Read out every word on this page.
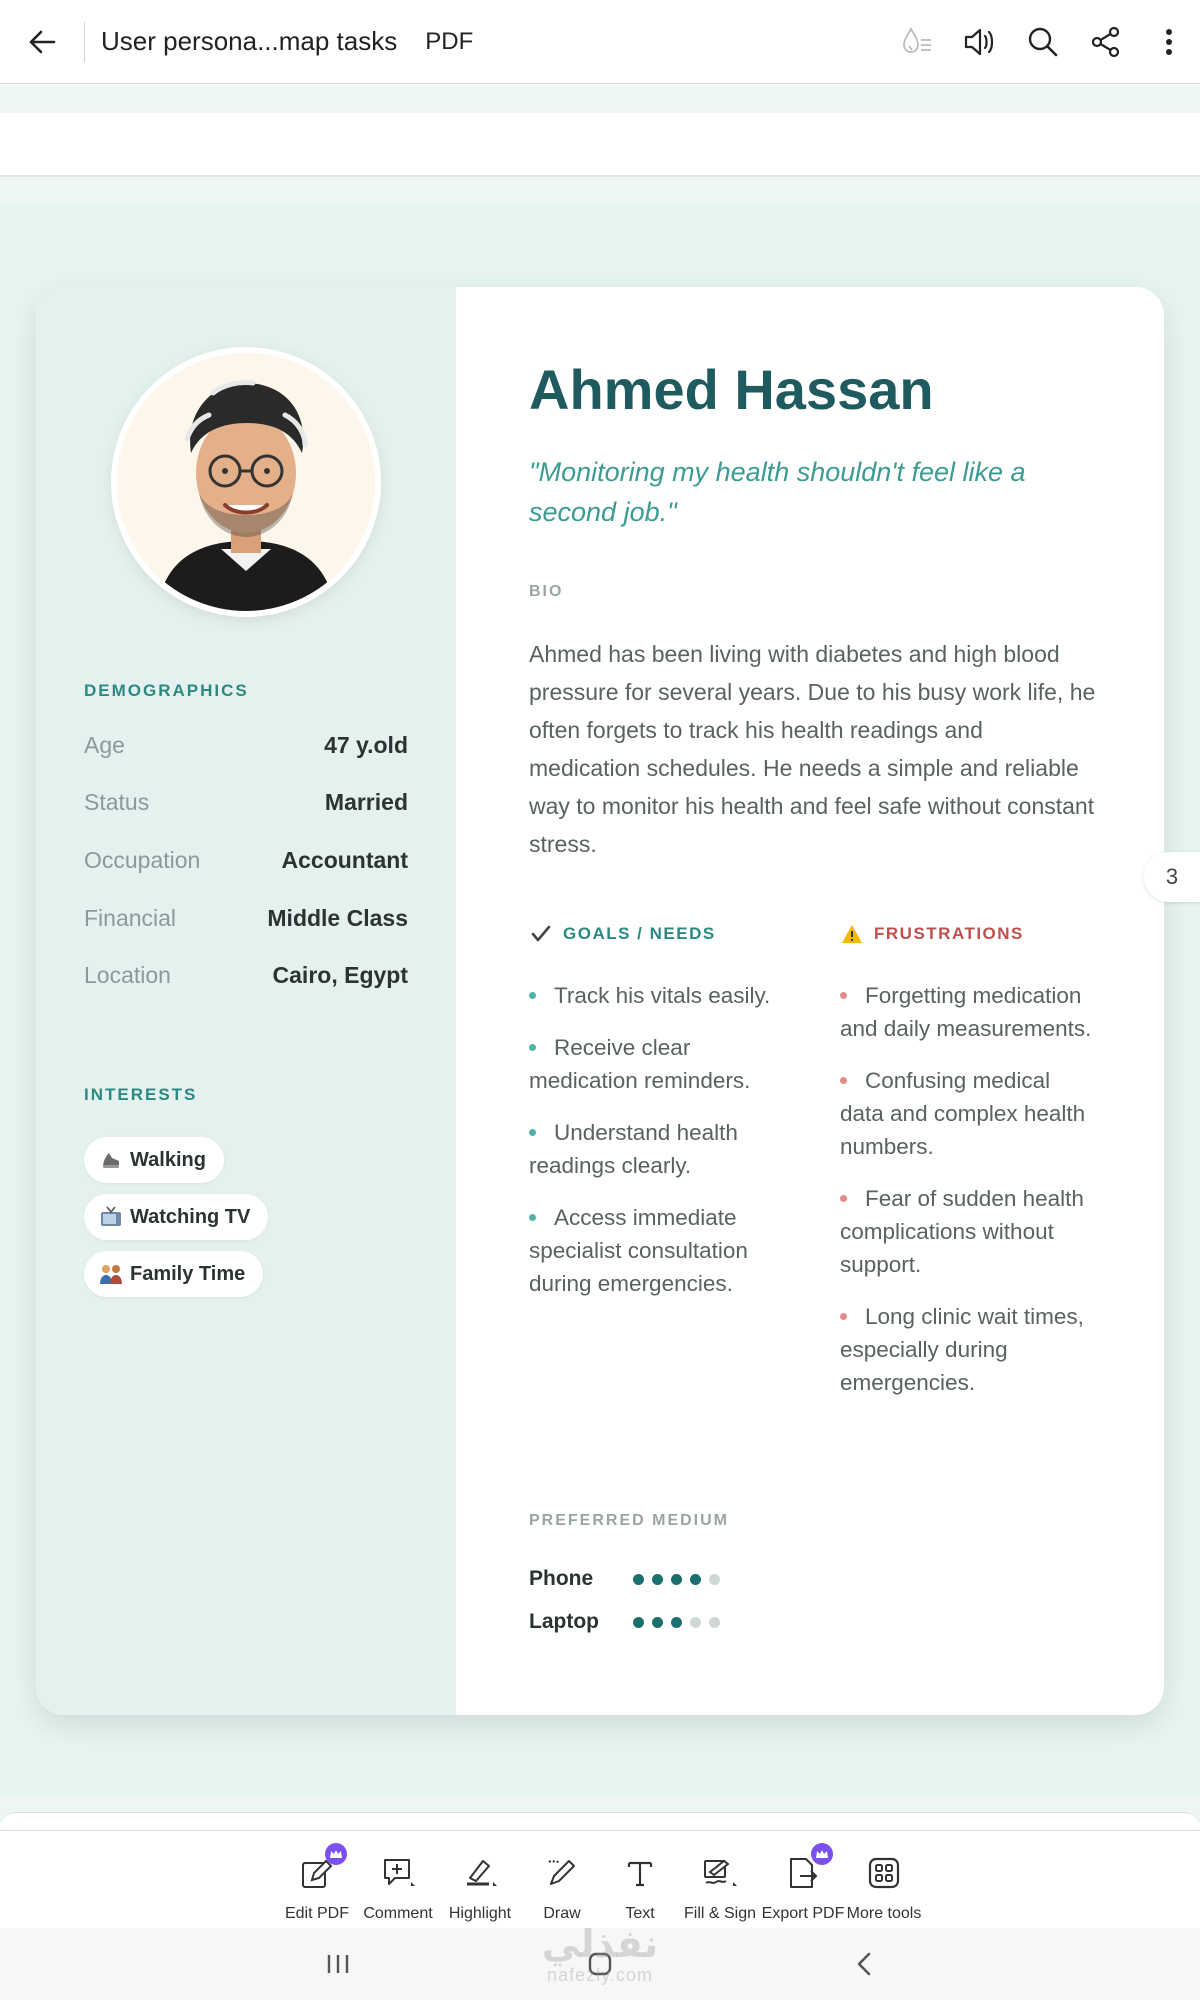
User persona...map tasks PDF
DEMOGRAPHICS
Age	47 y.old
Status	Married
Occupation	Accountant
Financial	Middle Class
Location	Cairo, Egypt
INTERESTS
Walking
Watching TV
Family Time
Ahmed Hassan
"Monitoring my health shouldn't feel like a second job."
BIO
Ahmed has been living with diabetes and high blood pressure for several years. Due to his busy work life, he often forgets to track his health readings and medication schedules. He needs a simple and reliable way to monitor his health and feel safe without constant stress.
GOALS / NEEDS
Track his vitals easily.
Receive clear medication reminders.
Understand health readings clearly.
Access immediate specialist consultation during emergencies.
FRUSTRATIONS
Forgetting medication and daily measurements.
Confusing medical data and complex health numbers.
Fear of sudden health complications without support.
Long clinic wait times, especially during emergencies.
PREFERRED MEDIUM
Phone
Laptop
3
Edit PDF Comment Highlight Draw	Text Fill & Sign Export PDF More tools
نفذلي
nafezly.com
